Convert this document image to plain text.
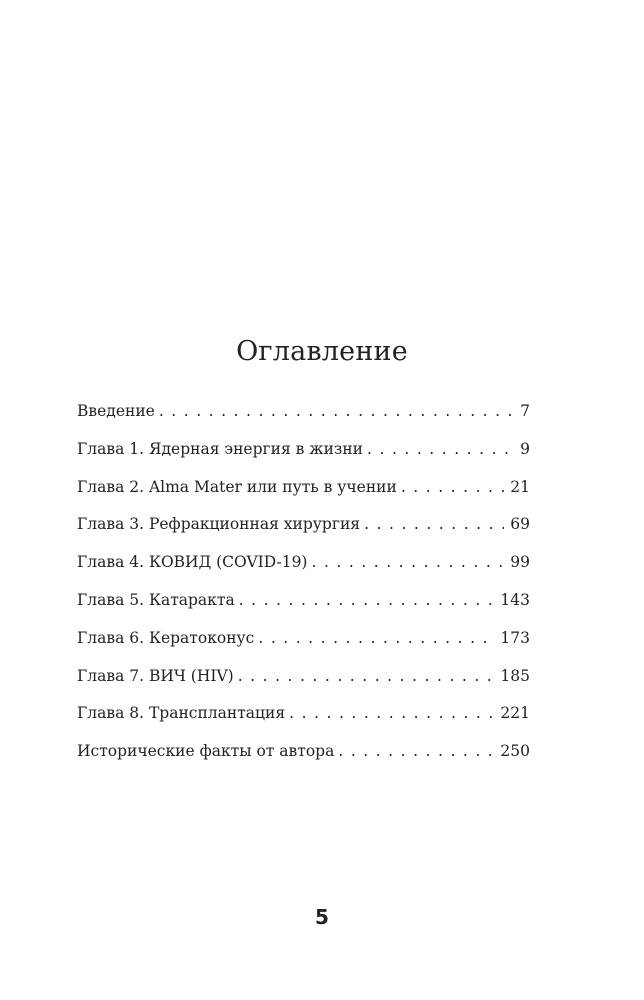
Оглавление
Введение . . .	7
Глава 1. Ядерная энергия в жизни . . .	9
Глава 2. Alma Mater или путь в учении . . .	21
Глава 3. Рефракционная хирургия . . .	69
Глава 4. КОВИД (COVID-19) . . .	99
Глава 5. Катаракта . . .	143
Глава 6. Кератоконус . . .	173
Глава 7. ВИЧ (HIV) . . .	185
Глава 8. Трансплантация . . .	221
Исторические факты от автора . . .	250
5
